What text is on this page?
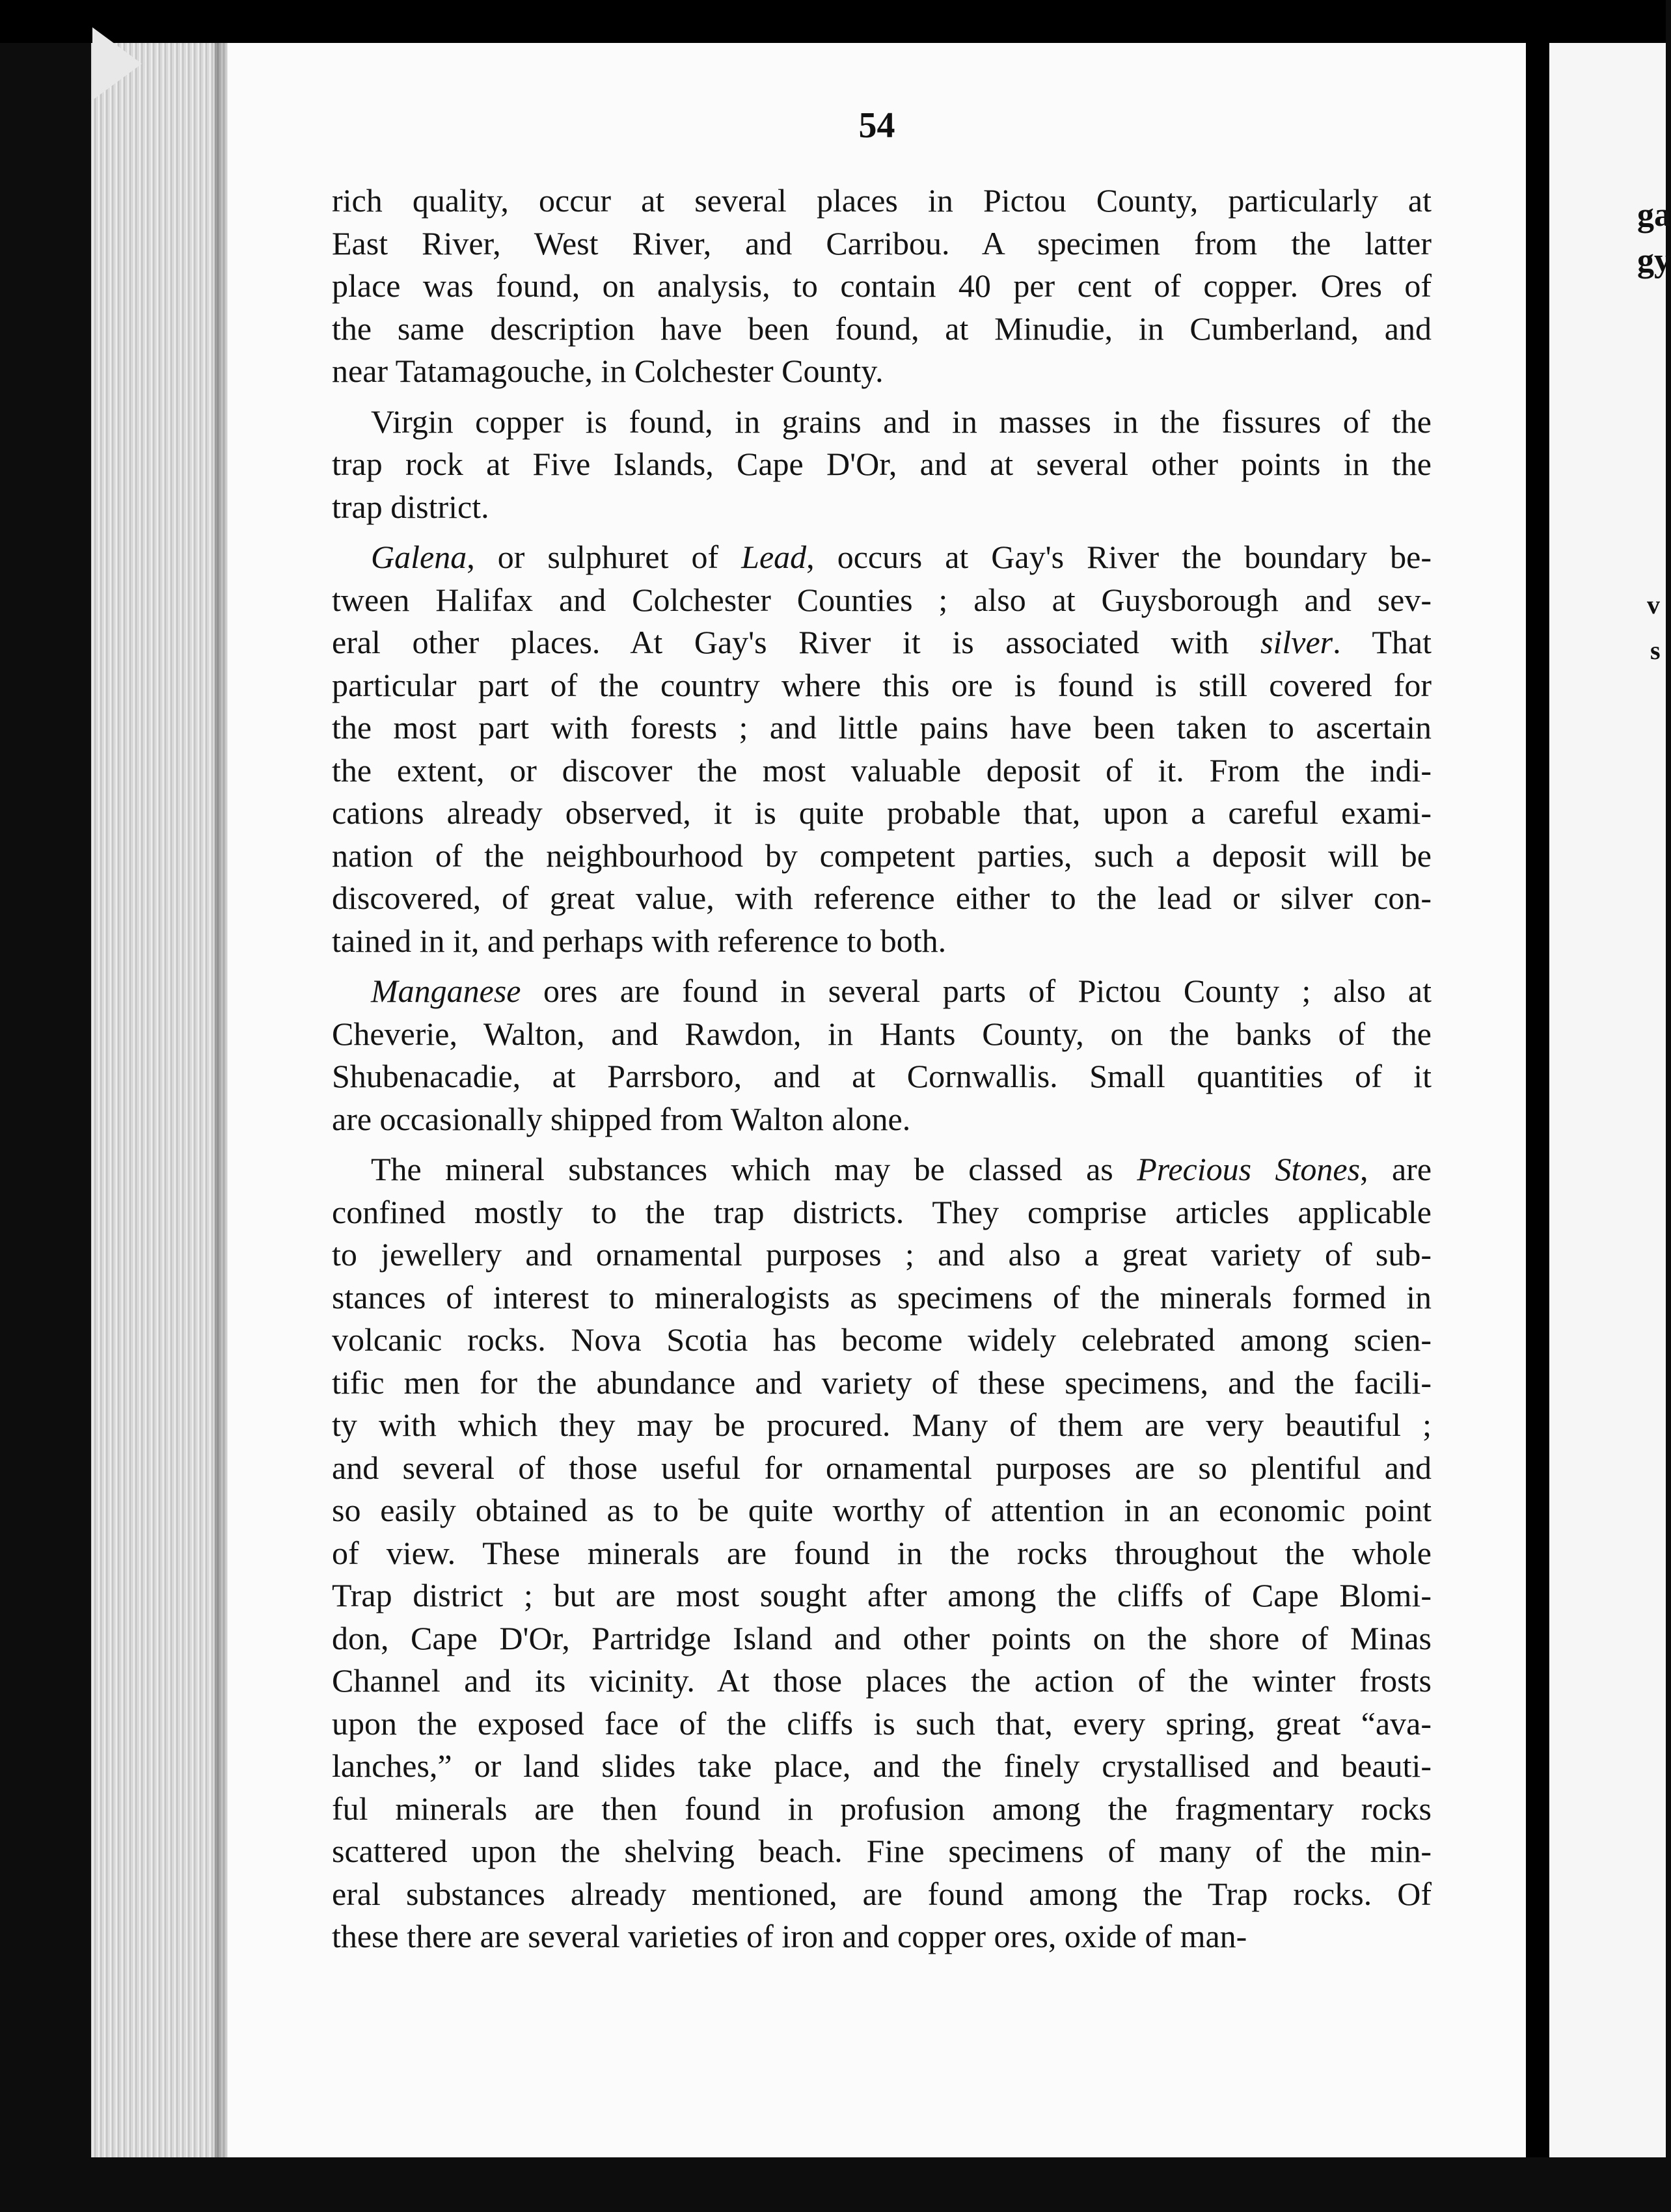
54
rich quality, occur at several places in Pictou County, particularly at
East River, West River, and Carribou. A specimen from the latter
place was found, on analysis, to contain 40 per cent of copper. Ores of
the same description have been found, at Minudie, in Cumberland, and
near Tatamagouche, in Colchester County.
Virgin copper is found, in grains and in masses in the fissures of the
trap rock at Five Islands, Cape D'Or, and at several other points in the
trap district.
Galena, or sulphuret of Lead, occurs at Gay's River the boundary be-
tween Halifax and Colchester Counties ; also at Guysborough and sev-
eral other places. At Gay's River it is associated with silver. That
particular part of the country where this ore is found is still covered for
the most part with forests ; and little pains have been taken to ascertain
the extent, or discover the most valuable deposit of it. From the indi-
cations already observed, it is quite probable that, upon a careful exami-
nation of the neighbourhood by competent parties, such a deposit will be
discovered, of great value, with reference either to the lead or silver con-
tained in it, and perhaps with reference to both.
Manganese ores are found in several parts of Pictou County ; also at
Cheverie, Walton, and Rawdon, in Hants County, on the banks of the
Shubenacadie, at Parrsboro, and at Cornwallis. Small quantities of it
are occasionally shipped from Walton alone.
The mineral substances which may be classed as Precious Stones, are
confined mostly to the trap districts. They comprise articles applicable
to jewellery and ornamental purposes ; and also a great variety of sub-
stances of interest to mineralogists as specimens of the minerals formed in
volcanic rocks. Nova Scotia has become widely celebrated among scien-
tific men for the abundance and variety of these specimens, and the facili-
ty with which they may be procured. Many of them are very beautiful ;
and several of those useful for ornamental purposes are so plentiful and
so easily obtained as to be quite worthy of attention in an economic point
of view. These minerals are found in the rocks throughout the whole
Trap district ; but are most sought after among the cliffs of Cape Blomi-
don, Cape D'Or, Partridge Island and other points on the shore of Minas
Channel and its vicinity. At those places the action of the winter frosts
upon the exposed face of the cliffs is such that, every spring, great “ava-
lanches,” or land slides take place, and the finely crystallised and beauti-
ful minerals are then found in profusion among the fragmentary rocks
scattered upon the shelving beach. Fine specimens of many of the min-
eral substances already mentioned, are found among the Trap rocks. Of
these there are several varieties of iron and copper ores, oxide of man-
ga
gy
v
s
